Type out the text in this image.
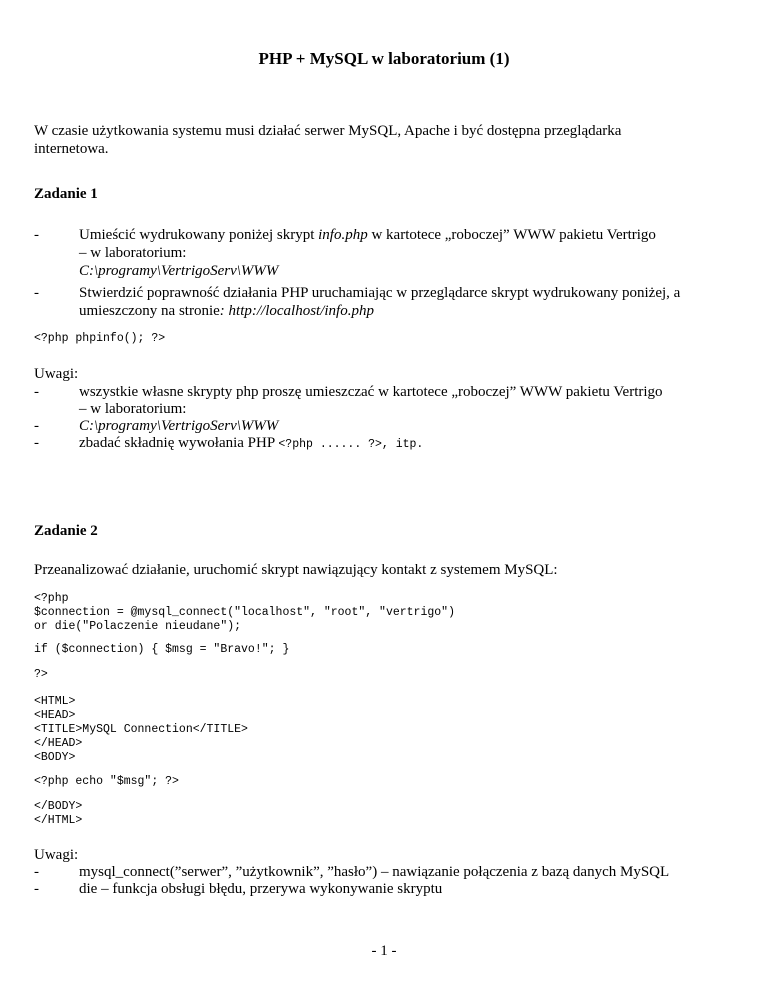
PHP + MySQL w laboratorium (1)
W czasie użytkowania systemu musi działać serwer MySQL, Apache i być dostępna przeglądarka
internetowa.
Zadanie 1
-	Umieścić wydrukowany poniżej skrypt info.php w kartotece „roboczej” WWW pakietu Vertrigo
– w laboratorium:
C:\programy\VertrigoServ\WWW
-	Stwierdzić poprawność działania PHP uruchamiając w przeglądarce skrypt wydrukowany poniżej, a
umieszczony na stronie: http://localhost/info.php
<?php phpinfo(); ?>
Uwagi:
-	wszystkie własne skrypty php proszę umieszczać w kartotece „roboczej” WWW pakietu Vertrigo
– w laboratorium:
-	C:\programy\VertrigoServ\WWW
-	zbadać składnię wywołania PHP <?php ...... ?>, itp.
Zadanie 2
Przeanalizować działanie, uruchomić skrypt nawiązujący kontakt z systemem MySQL:
<?php
$connection = @mysql_connect("localhost", "root", "vertrigo")
or die("Polaczenie nieudane");
if ($connection) { $msg = "Bravo!"; }
?>
<HTML>
<HEAD>
<TITLE>MySQL Connection</TITLE>
</HEAD>
<BODY>
<?php echo "$msg"; ?>
</BODY>
</HTML>
Uwagi:
-	mysql_connect(”serwer”, ”użytkownik”, ”hasło”) – nawiązanie połączenia z bazą danych MySQL
-	die – funkcja obsługi błędu, przerywa wykonywanie skryptu
- 1 -
